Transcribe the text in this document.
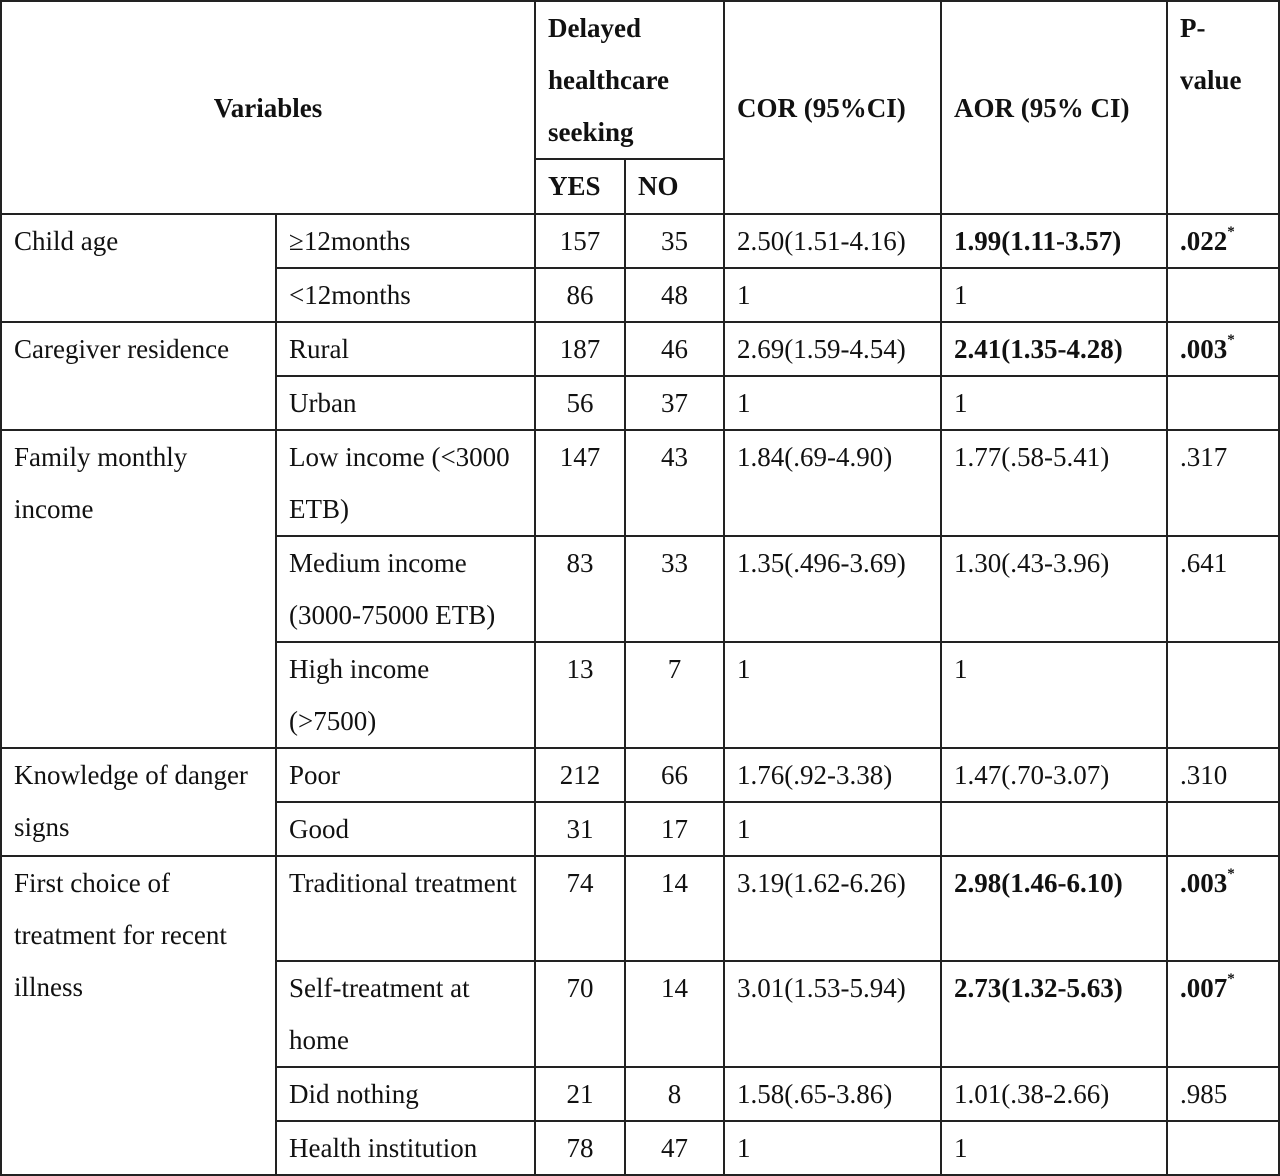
Variables		Delayed healthcare seeking		COR (95%CI)	AOR (95% CI)	P-value
		YES	NO			
Child age	≥12months	157	35	2.50(1.51-4.16)	1.99(1.11-3.57)	.022*
	<12months	86	48	1	1	
Caregiver residence	Rural	187	46	2.69(1.59-4.54)	2.41(1.35-4.28)	.003*
	Urban	56	37	1	1	
Family monthly income	Low income (<3000 ETB)	147	43	1.84(.69-4.90)	1.77(.58-5.41)	.317
	Medium income (3000-75000 ETB)	83	33	1.35(.496-3.69)	1.30(.43-3.96)	.641
	High income (>7500)	13	7	1	1	
Knowledge of danger signs	Poor	212	66	1.76(.92-3.38)	1.47(.70-3.07)	.310
	Good	31	17	1		
First choice of treatment for recent illness	Traditional treatment	74	14	3.19(1.62-6.26)	2.98(1.46-6.10)	.003*
	Self-treatment at home	70	14	3.01(1.53-5.94)	2.73(1.32-5.63)	.007*
	Did nothing	21	8	1.58(.65-3.86)	1.01(.38-2.66)	.985
	Health institution	78	47	1	1	
